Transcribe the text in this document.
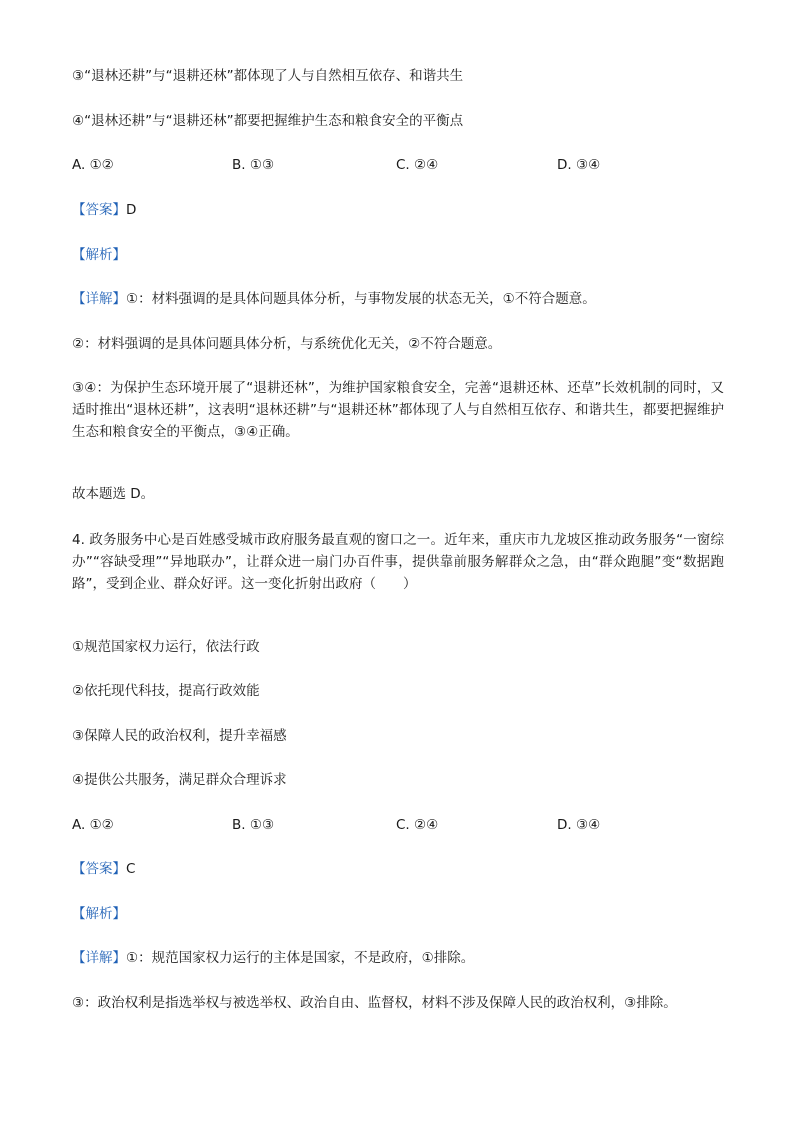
③“退林还耕”与“退耕还林”都体现了人与自然相互依存、和谐共生
④“退林还耕”与“退耕还林”都要把握维护生态和粮食安全的平衡点
A. ①②	B. ①③	C. ②④	D. ③④
【答案】D
【解析】
【详解】①：材料强调的是具体问题具体分析，与事物发展的状态无关，①不符合题意。
②：材料强调的是具体问题具体分析，与系统优化无关，②不符合题意。
③④：为保护生态环境开展了“退耕还林”，为维护国家粮食安全，完善“退耕还林、还草”长效机制的同时，又适时推出“退林还耕”，这表明“退林还耕”与“退耕还林”都体现了人与自然相互依存、和谐共生，都要把握维护生态和粮食安全的平衡点，③④正确。
故本题选 D。
4. 政务服务中心是百姓感受城市政府服务最直观的窗口之一。近年来，重庆市九龙坡区推动政务服务“一窗综办”“容缺受理”“异地联办”，让群众进一扇门办百件事，提供靠前服务解群众之急，由“群众跑腿”变“数据跑路”，受到企业、群众好评。这一变化折射出政府（　　）
①规范国家权力运行，依法行政
②依托现代科技，提高行政效能
③保障人民的政治权利，提升幸福感
④提供公共服务，满足群众合理诉求
A. ①②	B. ①③	C. ②④	D. ③④
【答案】C
【解析】
【详解】①：规范国家权力运行的主体是国家，不是政府，①排除。
③：政治权利是指选举权与被选举权、政治自由、监督权，材料不涉及保障人民的政治权利，③排除。
